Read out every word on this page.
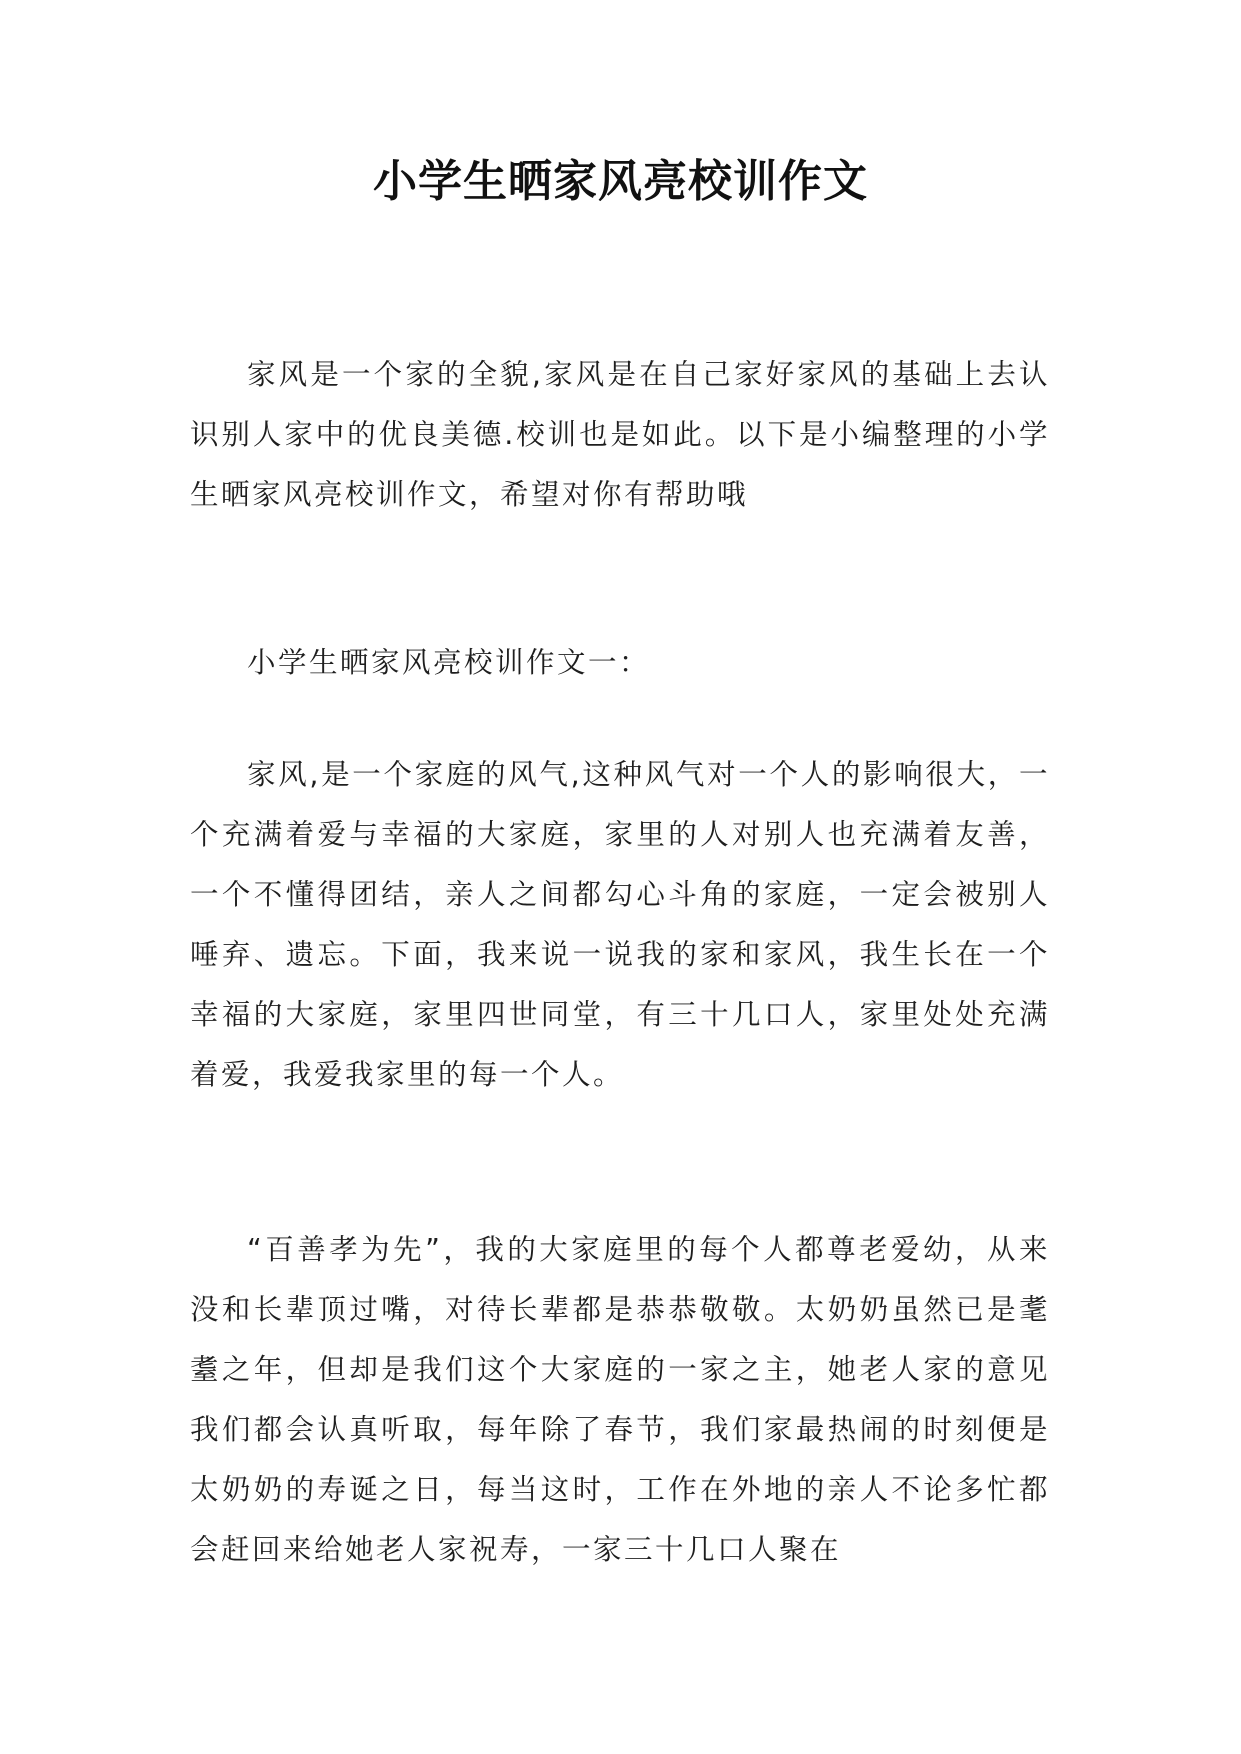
小学生晒家风亮校训作文

家风是一个家的全貌,家风是在自己家好家风的基础上去认识别人家中的优良美德.校训也是如此。以下是小编整理的小学生晒家风亮校训作文，希望对你有帮助哦

小学生晒家风亮校训作文一：

家风,是一个家庭的风气,这种风气对一个人的影响很大，一个充满着爱与幸福的大家庭，家里的人对别人也充满着友善，一个不懂得团结，亲人之间都勾心斗角的家庭，一定会被别人唾弃、遗忘。下面，我来说一说我的家和家风，我生长在一个幸福的大家庭，家里四世同堂，有三十几口人，家里处处充满着爱，我爱我家里的每一个人。

“百善孝为先”，我的大家庭里的每个人都尊老爱幼，从来没和长辈顶过嘴，对待长辈都是恭恭敬敬。太奶奶虽然已是耄耋之年，但却是我们这个大家庭的一家之主，她老人家的意见我们都会认真听取，每年除了春节，我们家最热闹的时刻便是太奶奶的寿诞之日，每当这时，工作在外地的亲人不论多忙都会赶回来给她老人家祝寿，一家三十几口人聚在
